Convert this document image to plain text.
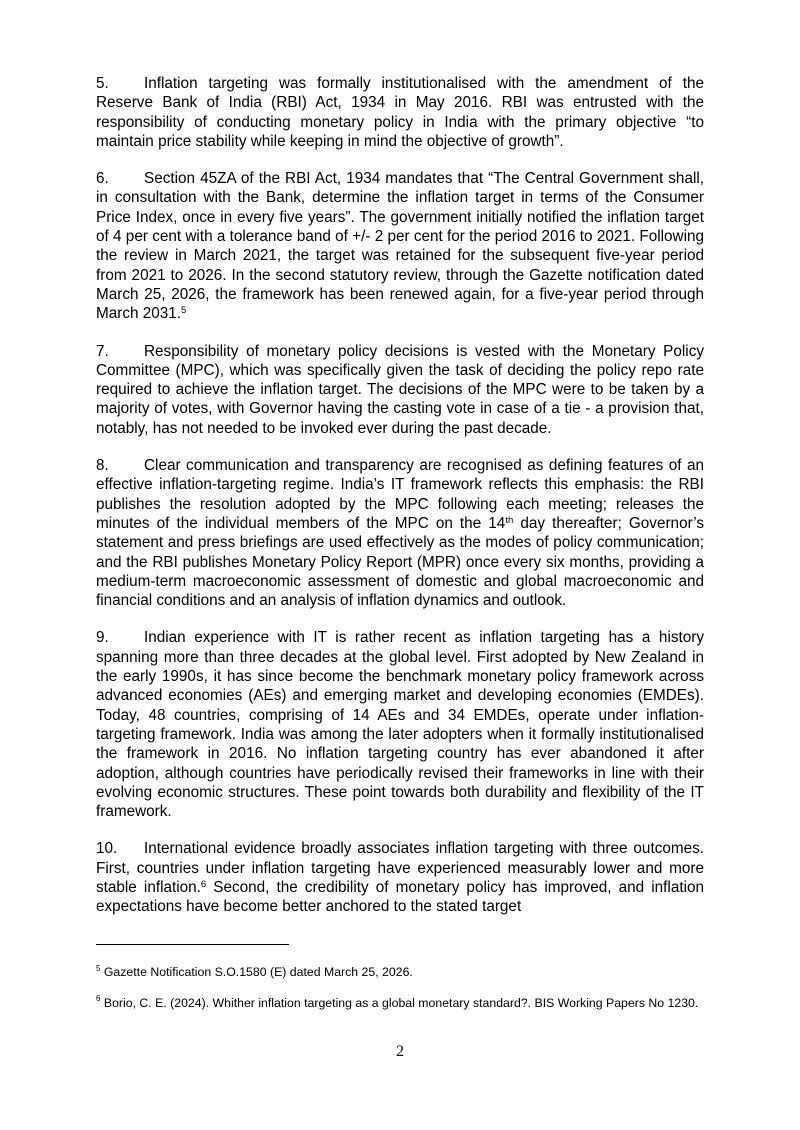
5. Inflation targeting was formally institutionalised with the amendment of the Reserve Bank of India (RBI) Act, 1934 in May 2016. RBI was entrusted with the responsibility of conducting monetary policy in India with the primary objective “to maintain price stability while keeping in mind the objective of growth”.

6. Section 45ZA of the RBI Act, 1934 mandates that “The Central Government shall, in consultation with the Bank, determine the inflation target in terms of the Consumer Price Index, once in every five years”. The government initially notified the inflation target of 4 per cent with a tolerance band of +/- 2 per cent for the period 2016 to 2021. Following the review in March 2021, the target was retained for the subsequent five-year period from 2021 to 2026. In the second statutory review, through the Gazette notification dated March 25, 2026, the framework has been renewed again, for a five-year period through March 2031.$^5$

7. Responsibility of monetary policy decisions is vested with the Monetary Policy Committee (MPC), which was specifically given the task of deciding the policy repo rate required to achieve the inflation target. The decisions of the MPC were to be taken by a majority of votes, with Governor having the casting vote in case of a tie - a provision that, notably, has not needed to be invoked ever during the past decade.

8. Clear communication and transparency are recognised as defining features of an effective inflation-targeting regime. India’s IT framework reflects this emphasis: the RBI publishes the resolution adopted by the MPC following each meeting; releases the minutes of the individual members of the MPC on the 14th day thereafter; Governor’s statement and press briefings are used effectively as the modes of policy communication; and the RBI publishes Monetary Policy Report (MPR) once every six months, providing a medium-term macroeconomic assessment of domestic and global macroeconomic and financial conditions and an analysis of inflation dynamics and outlook.

9. Indian experience with IT is rather recent as inflation targeting has a history spanning more than three decades at the global level. First adopted by New Zealand in the early 1990s, it has since become the benchmark monetary policy framework across advanced economies (AEs) and emerging market and developing economies (EMDEs). Today, 48 countries, comprising of 14 AEs and 34 EMDEs, operate under inflation-targeting framework. India was among the later adopters when it formally institutionalised the framework in 2016. No inflation targeting country has ever abandoned it after adoption, although countries have periodically revised their frameworks in line with their evolving economic structures. These point towards both durability and flexibility of the IT framework.

10. International evidence broadly associates inflation targeting with three outcomes. First, countries under inflation targeting have experienced measurably lower and more stable inflation.$^6$ Second, the credibility of monetary policy has improved, and inflation expectations have become better anchored to the stated target

$^5$ Gazette Notification S.O.1580 (E) dated March 25, 2026.

$^6$ Borio, C. E. (2024). Whither inflation targeting as a global monetary standard?. BIS Working Papers No 1230.

2
